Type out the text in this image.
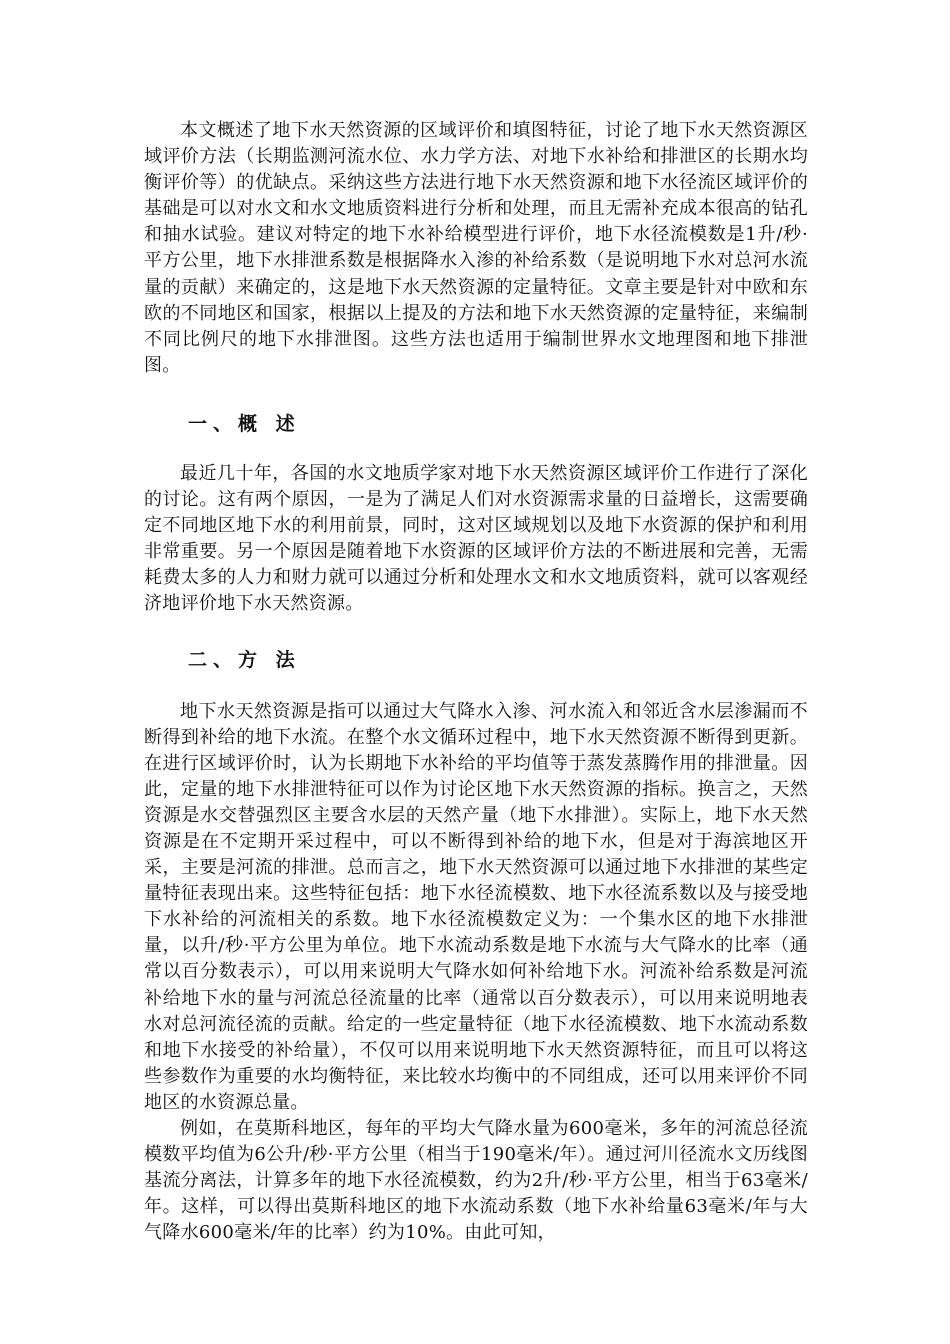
本文概述了地下水天然资源的区域评价和填图特征，讨论了地下水天然资源区域评价方法（长期监测河流水位、水力学方法、对地下水补给和排泄区的长期水均衡评价等）的优缺点。采纳这些方法进行地下水天然资源和地下水径流区域评价的基础是可以对水文和水文地质资料进行分析和处理，而且无需补充成本很高的钻孔和抽水试验。建议对特定的地下水补给模型进行评价，地下水径流模数是1升/秒·平方公里，地下水排泄系数是根据降水入渗的补给系数（是说明地下水对总河水流量的贡献）来确定的，这是地下水天然资源的定量特征。文章主要是针对中欧和东欧的不同地区和国家，根据以上提及的方法和地下水天然资源的定量特征，来编制不同比例尺的地下水排泄图。这些方法也适用于编制世界水文地理图和地下排泄图。

一、概 述

最近几十年，各国的水文地质学家对地下水天然资源区域评价工作进行了深化的讨论。这有两个原因，一是为了满足人们对水资源需求量的日益增长，这需要确定不同地区地下水的利用前景，同时，这对区域规划以及地下水资源的保护和利用非常重要。另一个原因是随着地下水资源的区域评价方法的不断进展和完善，无需耗费太多的人力和财力就可以通过分析和处理水文和水文地质资料，就可以客观经济地评价地下水天然资源。

二、方 法

地下水天然资源是指可以通过大气降水入渗、河水流入和邻近含水层渗漏而不断得到补给的地下水流。在整个水文循环过程中，地下水天然资源不断得到更新。在进行区域评价时，认为长期地下水补给的平均值等于蒸发蒸腾作用的排泄量。因此，定量的地下水排泄特征可以作为讨论区地下水天然资源的指标。换言之，天然资源是水交替强烈区主要含水层的天然产量（地下水排泄）。实际上，地下水天然资源是在不定期开采过程中，可以不断得到补给的地下水，但是对于海滨地区开采，主要是河流的排泄。总而言之，地下水天然资源可以通过地下水排泄的某些定量特征表现出来。这些特征包括：地下水径流模数、地下水径流系数以及与接受地下水补给的河流相关的系数。地下水径流模数定义为：一个集水区的地下水排泄量，以升/秒·平方公里为单位。地下水流动系数是地下水流与大气降水的比率（通常以百分数表示），可以用来说明大气降水如何补给地下水。河流补给系数是河流补给地下水的量与河流总径流量的比率（通常以百分数表示），可以用来说明地表水对总河流径流的贡献。给定的一些定量特征（地下水径流模数、地下水流动系数和地下水接受的补给量），不仅可以用来说明地下水天然资源特征，而且可以将这些参数作为重要的水均衡特征，来比较水均衡中的不同组成，还可以用来评价不同地区的水资源总量。

例如，在莫斯科地区，每年的平均大气降水量为600毫米，多年的河流总径流模数平均值为6公升/秒·平方公里（相当于190毫米/年）。通过河川径流水文历线图基流分离法，计算多年的地下水径流模数，约为2升/秒·平方公里，相当于63毫米/年。这样，可以得出莫斯科地区的地下水流动系数（地下水补给量63毫米/年与大气降水600毫米/年的比率）约为10%。由此可知，
